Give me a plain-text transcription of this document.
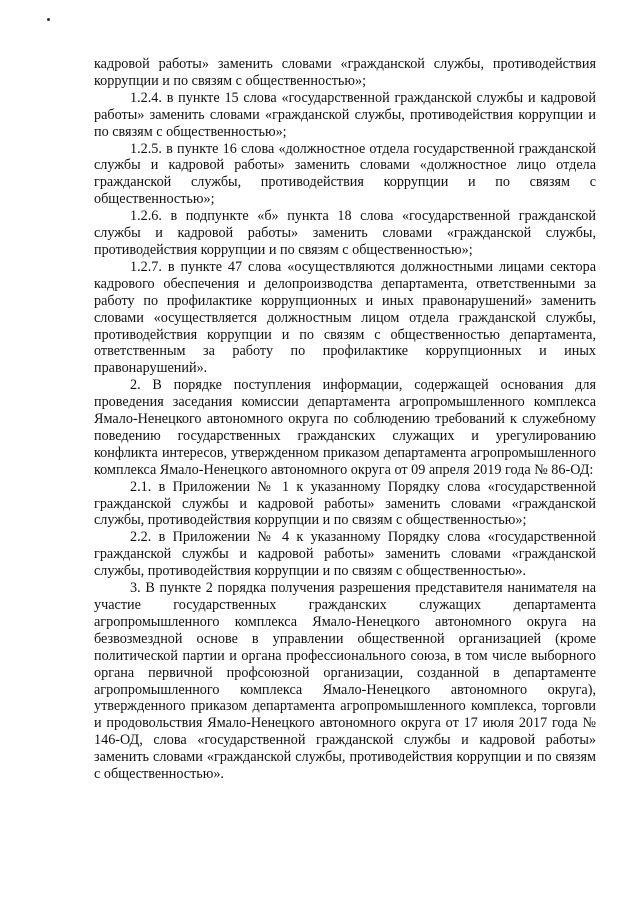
кадровой работы» заменить словами «гражданской службы, противодействия коррупции и по связям с общественностью»;

1.2.4. в пункте 15 слова «государственной гражданской службы и кадровой работы» заменить словами «гражданской службы, противодействия коррупции и по связям с общественностью»;

1.2.5. в пункте 16 слова «должностное отдела государственной гражданской службы и кадровой работы» заменить словами «должностное лицо отдела гражданской службы, противодействия коррупции и по связям с общественностью»;

1.2.6. в подпункте «б» пункта 18 слова «государственной гражданской службы и кадровой работы» заменить словами «гражданской службы, противодействия коррупции и по связям с общественностью»;

1.2.7. в пункте 47 слова «осуществляются должностными лицами сектора кадрового обеспечения и делопроизводства департамента, ответственными за работу по профилактике коррупционных и иных правонарушений» заменить словами «осуществляется должностным лицом отдела гражданской службы, противодействия коррупции и по связям с общественностью департамента, ответственным за работу по профилактике коррупционных и иных правонарушений».

2. В порядке поступления информации, содержащей основания для проведения заседания комиссии департамента агропромышленного комплекса Ямало-Ненецкого автономного округа по соблюдению требований к служебному поведению государственных гражданских служащих и урегулированию конфликта интересов, утвержденном приказом департамента агропромышленного комплекса Ямало-Ненецкого автономного округа от 09 апреля 2019 года № 86-ОД:

2.1. в Приложении № 1 к указанному Порядку слова «государственной гражданской службы и кадровой работы» заменить словами «гражданской службы, противодействия коррупции и по связям с общественностью»;

2.2. в Приложении № 4 к указанному Порядку слова «государственной гражданской службы и кадровой работы» заменить словами «гражданской службы, противодействия коррупции и по связям с общественностью».

3. В пункте 2 порядка получения разрешения представителя нанимателя на участие государственных гражданских служащих департамента агропромышленного комплекса Ямало-Ненецкого автономного округа на безвозмездной основе в управлении общественной организацией (кроме политической партии и органа профессионального союза, в том числе выборного органа первичной профсоюзной организации, созданной в департаменте агропромышленного комплекса Ямало-Ненецкого автономного округа), утвержденного приказом департамента агропромышленного комплекса, торговли и продовольствия Ямало-Ненецкого автономного округа от 17 июля 2017 года № 146-ОД, слова «государственной гражданской службы и кадровой работы» заменить словами «гражданской службы, противодействия коррупции и по связям с общественностью».
